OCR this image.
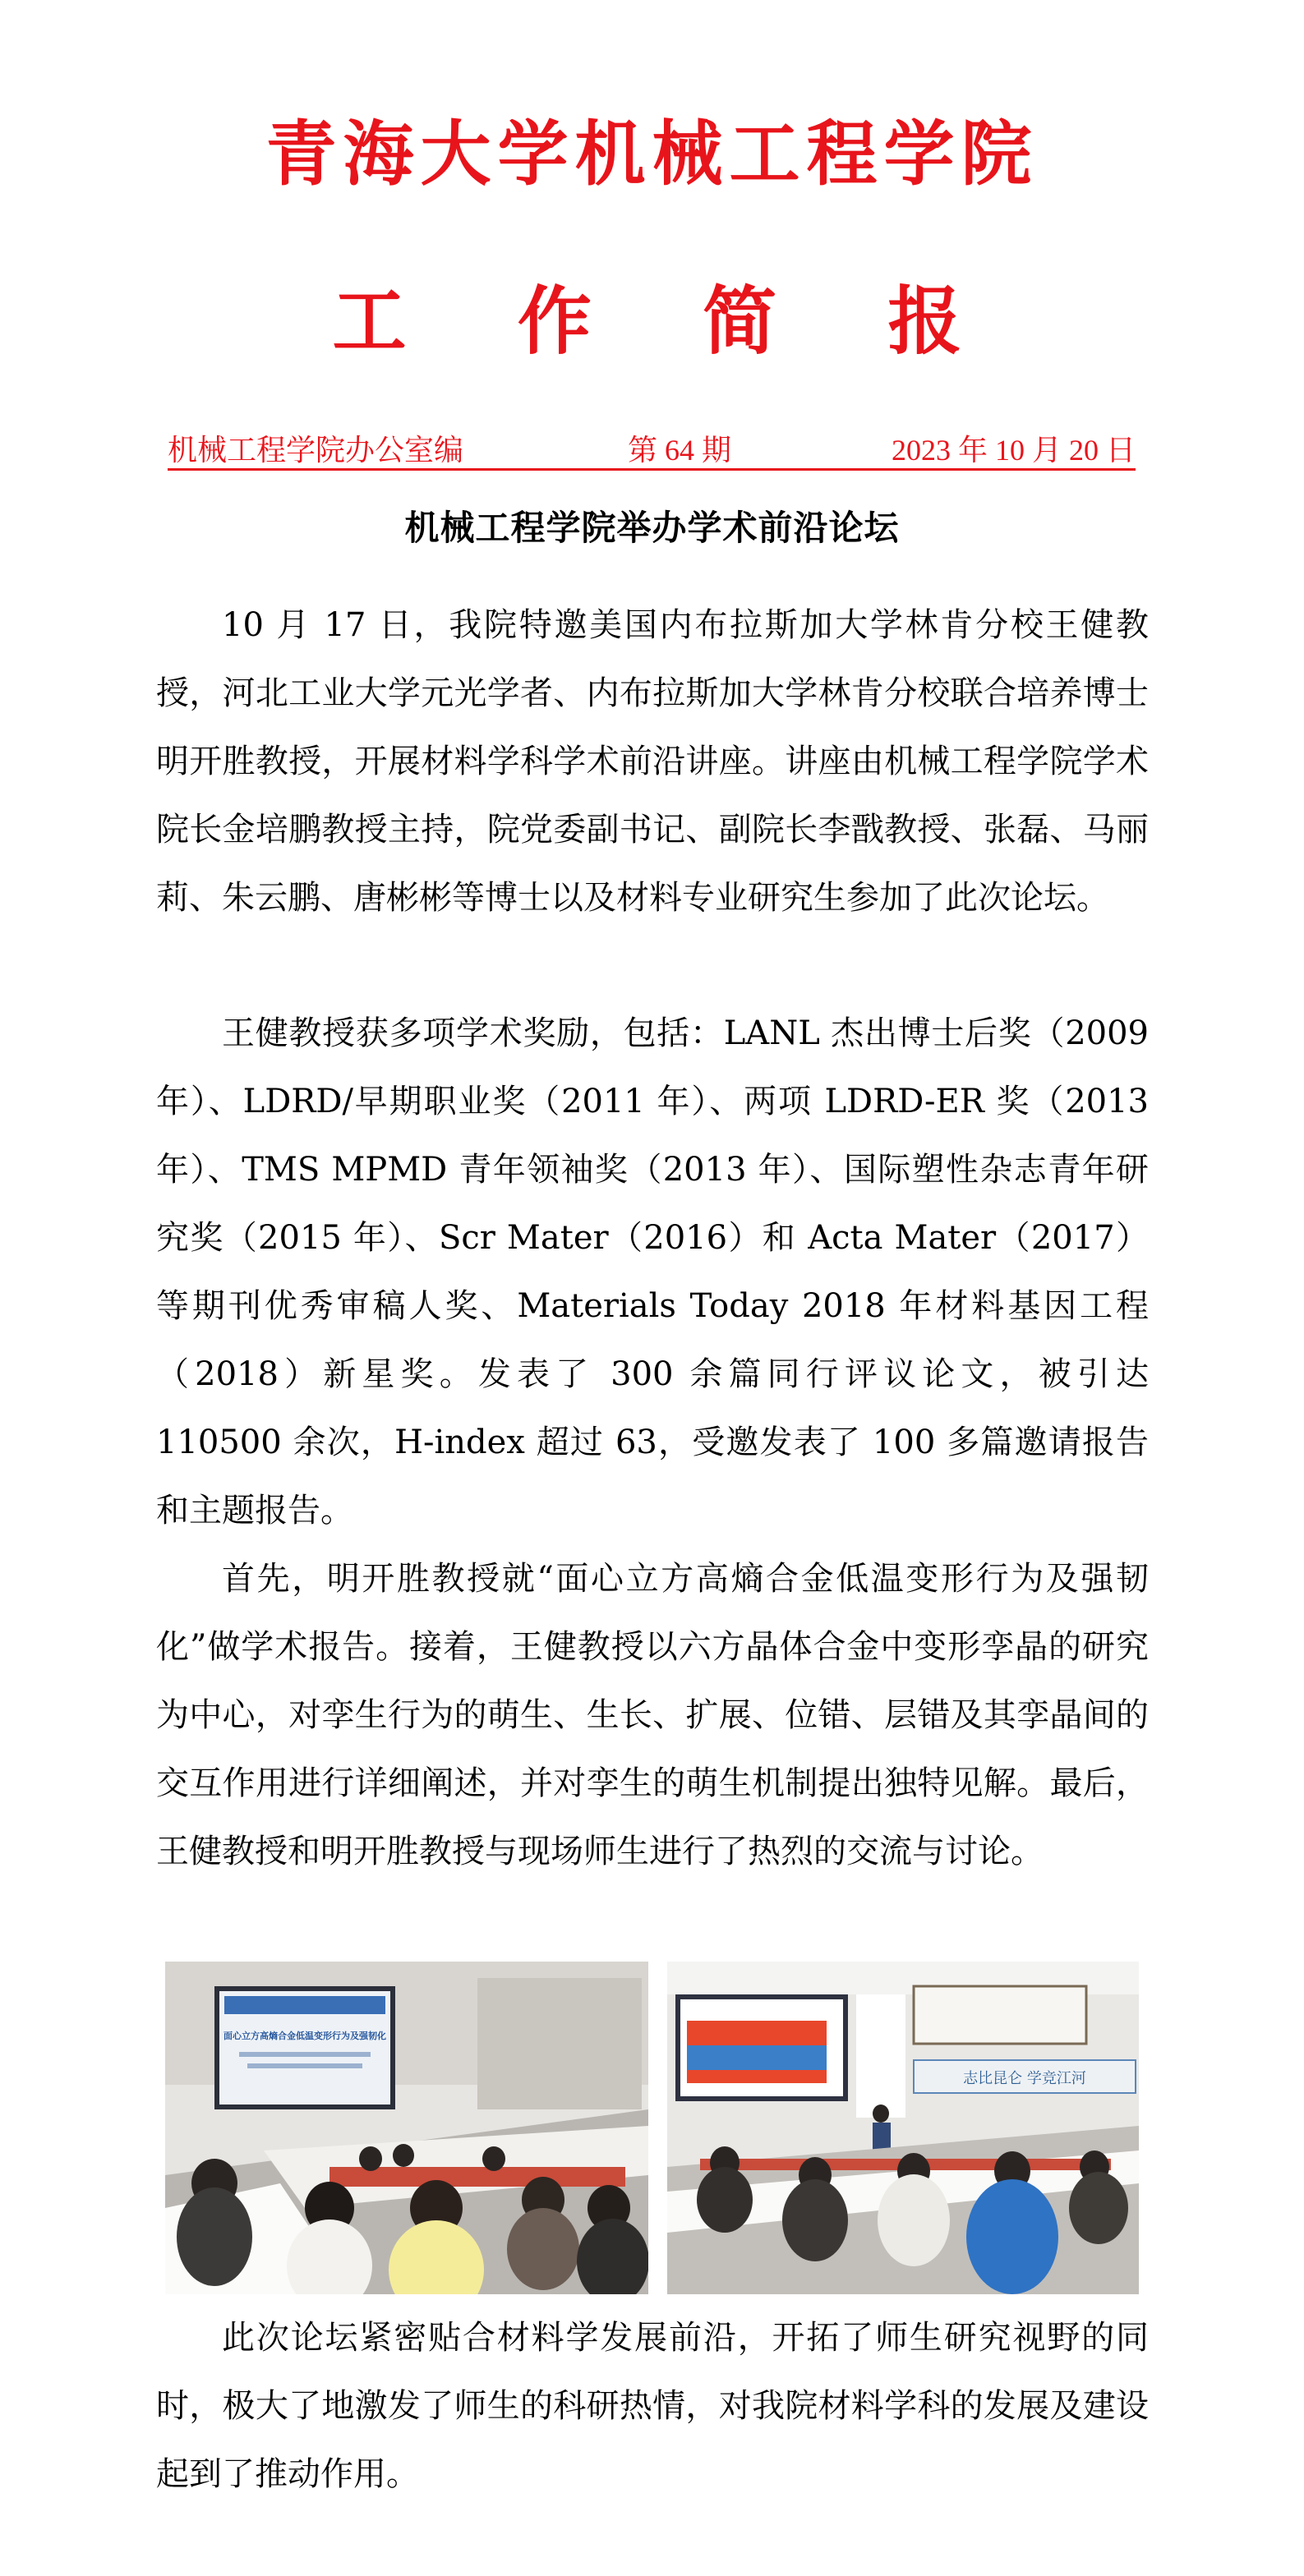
青海大学机械工程学院
工 作 简 报
机械工程学院办公室编	第 64 期	2023 年 10 月 20 日
机械工程学院举办学术前沿论坛

10 月 17 日，我院特邀美国内布拉斯加大学林肯分校王健教授，河北工业大学元光学者、内布拉斯加大学林肯分校联合培养博士明开胜教授，开展材料学科学术前沿讲座。讲座由机械工程学院学术院长金培鹏教授主持，院党委副书记、副院长李戬教授、张磊、马丽莉、朱云鹏、唐彬彬等博士以及材料专业研究生参加了此次论坛。

王健教授获多项学术奖励，包括：LANL 杰出博士后奖（2009 年）、LDRD/早期职业奖（2011 年）、两项 LDRD-ER 奖（2013 年）、TMS MPMD 青年领袖奖（2013 年）、国际塑性杂志青年研究奖（2015 年）、Scr Mater（2016）和 Acta Mater（2017）等期刊优秀审稿人奖、Materials Today 2018 年材料基因工程（2018）新星奖。发表了 300 余篇同行评议论文，被引达 110500 余次，H-index 超过 63，受邀发表了 100 多篇邀请报告和主题报告。

首先，明开胜教授就“面心立方高熵合金低温变形行为及强韧化”做学术报告。接着，王健教授以六方晶体合金中变形孪晶的研究为中心，对孪生行为的萌生、生长、扩展、位错、层错及其孪晶间的交互作用进行详细阐述，并对孪生的萌生机制提出独特见解。最后，王健教授和明开胜教授与现场师生进行了热烈的交流与讨论。

面心立方高熵合金低温变形行为及强韧化
志比昆仑 学竞江河

此次论坛紧密贴合材料学发展前沿，开拓了师生研究视野的同时，极大了地激发了师生的科研热情，对我院材料学科的发展及建设起到了推动作用。
